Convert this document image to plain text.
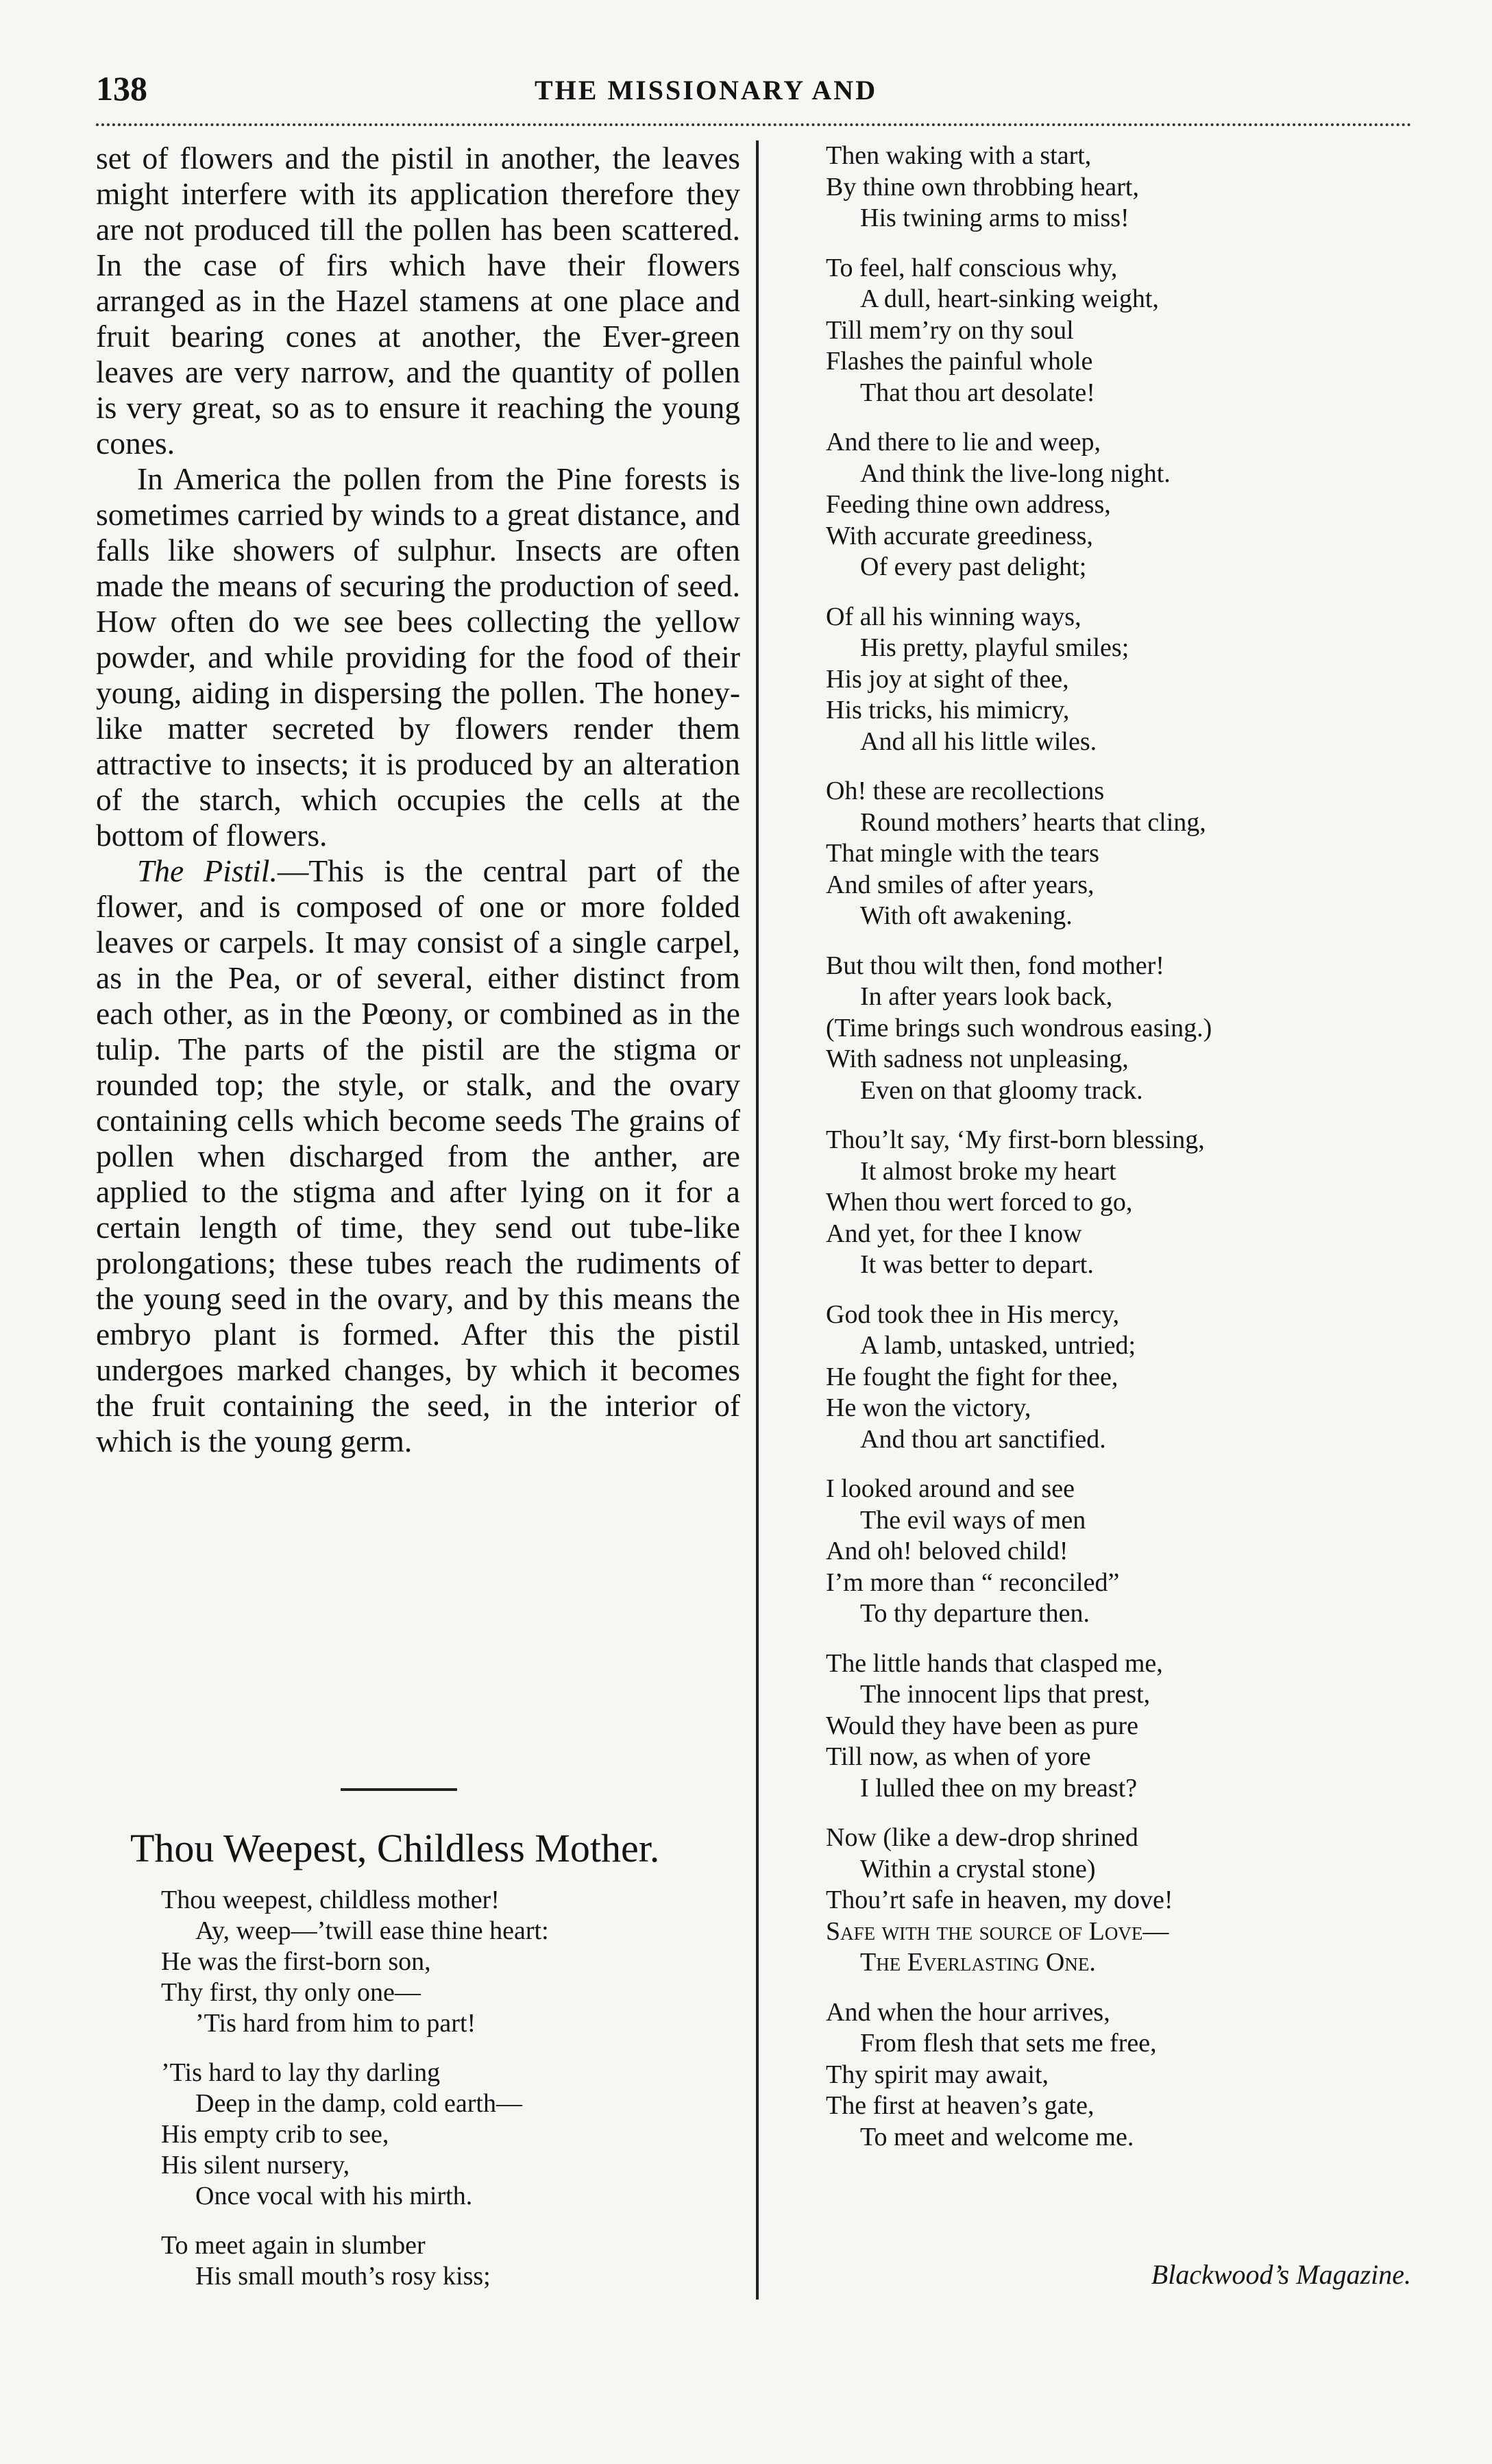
138	THE MISSIONARY AND

set of flowers and the pistil in another, the leaves might interfere with its application therefore they are not produced till the pollen has been scattered. In the case of firs which have their flowers arranged as in the Hazel stamens at one place and fruit bearing cones at another, the Ever-green leaves are very narrow, and the quantity of pollen is very great, so as to ensure it reaching the young cones.

In America the pollen from the Pine forests is sometimes carried by winds to a great distance, and falls like showers of sulphur. Insects are often made the means of securing the production of seed. How often do we see bees collecting the yellow powder, and while providing for the food of their young, aiding in dispersing the pollen. The honey-like matter secreted by flowers render them attractive to insects; it is produced by an alteration of the starch, which occupies the cells at the bottom of flowers.

The Pistil.—This is the central part of the flower, and is composed of one or more folded leaves or carpels. It may consist of a single carpel, as in the Pea, or of several, either distinct from each other, as in the Pœony, or combined as in the tulip. The parts of the pistil are the stigma or rounded top; the style, or stalk, and the ovary containing cells which become seeds The grains of pollen when discharged from the anther, are applied to the stigma and after lying on it for a certain length of time, they send out tube-like prolongations; these tubes reach the rudiments of the young seed in the ovary, and by this means the embryo plant is formed. After this the pistil undergoes marked changes, by which it becomes the fruit containing the seed, in the interior of which is the young germ.

Thou Weepest, Childless Mother.
Thou weepest, childless mother!
Ay, weep—’twill ease thine heart:
He was the first-born son,
Thy first, thy only one—
’Tis hard from him to part!
’Tis hard to lay thy darling
Deep in the damp, cold earth—
His empty crib to see,
His silent nursery,
Once vocal with his mirth.
To meet again in slumber
His small mouth’s rosy kiss;
Then waking with a start,
By thine own throbbing heart,
His twining arms to miss!
To feel, half conscious why,
A dull, heart-sinking weight,
Till mem’ry on thy soul
Flashes the painful whole
That thou art desolate!
And there to lie and weep,
And think the live-long night.
Feeding thine own address,
With accurate greediness,
Of every past delight;
Of all his winning ways,
His pretty, playful smiles;
His joy at sight of thee,
His tricks, his mimicry,
And all his little wiles.
Oh! these are recollections
Round mothers’ hearts that cling,
That mingle with the tears
And smiles of after years,
With oft awakening.
But thou wilt then, fond mother!
In after years look back,
(Time brings such wondrous easing.)
With sadness not unpleasing,
Even on that gloomy track.
Thou’lt say, ‘My first-born blessing,
It almost broke my heart
When thou wert forced to go,
And yet, for thee I know
It was better to depart.
God took thee in His mercy,
A lamb, untasked, untried;
He fought the fight for thee,
He won the victory,
And thou art sanctified.
I looked around and see
The evil ways of men
And oh! beloved child!
I’m more than “ reconciled”
To thy departure then.
The little hands that clasped me,
The innocent lips that prest,
Would they have been as pure
Till now, as when of yore
I lulled thee on my breast?
Now (like a dew-drop shrined
Within a crystal stone)
Thou’rt safe in heaven, my dove!
Safe with the source of Love—
The Everlasting One.
And when the hour arrives,
From flesh that sets me free,
Thy spirit may await,
The first at heaven’s gate,
To meet and welcome me.
Blackwood’s Magazine.
